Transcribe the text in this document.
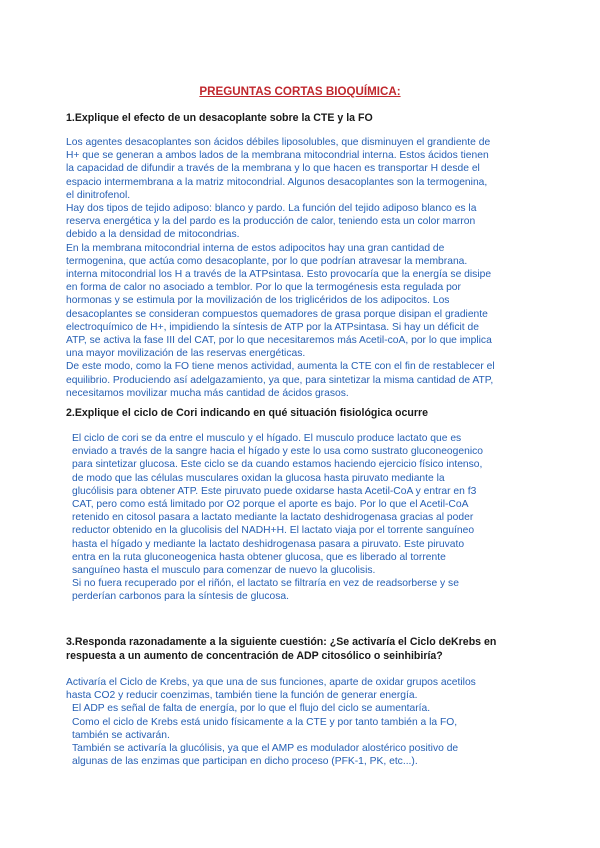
PREGUNTAS CORTAS BIOQUÍMICA:

1.Explique el efecto de un desacoplante sobre la CTE y la FO

Los agentes desacoplantes son ácidos débiles liposolubles, que disminuyen el grandiente de
H+ que se generan a ambos lados de la membrana mitocondrial interna. Estos ácidos tienen
la capacidad de difundir a través de la membrana y lo que hacen es transportar H desde el
espacio intermembrana a la matriz mitocondrial. Algunos desacoplantes son la termogenina,
el dinitrofenol.
Hay dos tipos de tejido adiposo: blanco y pardo. La función del tejido adiposo blanco es la
reserva energética y la del pardo es la producción de calor, teniendo esta un color marron
debido a la densidad de mitocondrias.
En la membrana mitocondrial interna de estos adipocitos hay una gran cantidad de
termogenina, que actúa como desacoplante, por lo que podrían atravesar la membrana.
interna mitocondrial los H a través de la ATPsintasa. Esto provocaría que la energía se disipe
en forma de calor no asociado a temblor. Por lo que la termogénesis esta regulada por
hormonas y se estimula por la movilización de los triglicéridos de los adipocitos. Los
desacoplantes se consideran compuestos quemadores de grasa porque disipan el gradiente
electroquímico de H+, impidiendo la síntesis de ATP por la ATPsintasa. Si hay un déficit de
ATP, se activa la fase III del CAT, por lo que necesitaremos más Acetil-coA, por lo que implica
una mayor movilización de las reservas energéticas.
De este modo, como la FO tiene menos actividad, aumenta la CTE con el fin de restablecer el
equilibrio. Produciendo así adelgazamiento, ya que, para sintetizar la misma cantidad de ATP,
necesitamos movilizar mucha más cantidad de ácidos grasos.

2.Explique el ciclo de Cori indicando en qué situación fisiológica ocurre

El ciclo de cori se da entre el musculo y el hígado. El musculo produce lactato que es
enviado a través de la sangre hacia el hígado y este lo usa como sustrato gluconeogenico
para sintetizar glucosa. Este ciclo se da cuando estamos haciendo ejercicio físico intenso,
de modo que las células musculares oxidan la glucosa hasta piruvato mediante la
glucólisis para obtener ATP. Este piruvato puede oxidarse hasta Acetil-CoA y entrar en f3
CAT, pero como está limitado por O2 porque el aporte es bajo. Por lo que el Acetil-CoA
retenido en citosol pasara a lactato mediante la lactato deshidrogenasa gracias al poder
reductor obtenido en la glucolisis del NADH+H. El lactato viaja por el torrente sanguíneo
hasta el hígado y mediante la lactato deshidrogenasa pasara a piruvato. Este piruvato
entra en la ruta gluconeogenica hasta obtener glucosa, que es liberado al torrente
sanguíneo hasta el musculo para comenzar de nuevo la glucolisis.
Si no fuera recuperado por el riñón, el lactato se filtraría en vez de readsorberse y se
perderían carbonos para la síntesis de glucosa.

3.Responda razonadamente a la siguiente cuestión: ¿Se activaría el Ciclo deKrebs en
respuesta a un aumento de concentración de ADP citosólico o seinhibiría?

Activaría el Ciclo de Krebs, ya que una de sus funciones, aparte de oxidar grupos acetilos
hasta CO2 y reducir coenzimas, también tiene la función de generar energía.
El ADP es señal de falta de energía, por lo que el flujo del ciclo se aumentaría.
Como el ciclo de Krebs está unido físicamente a la CTE y por tanto también a la FO,
también se activarán.
También se activaría la glucólisis, ya que el AMP es modulador alostérico positivo de
algunas de las enzimas que participan en dicho proceso (PFK-1, PK, etc...).
